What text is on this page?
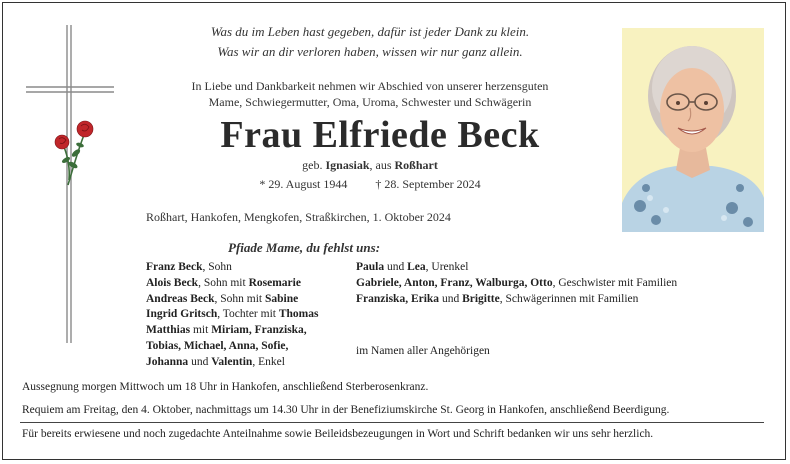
Was du im Leben hast gegeben, dafür ist jeder Dank zu klein.
Was wir an dir verloren haben, wissen wir nur ganz allein.
In Liebe und Dankbarkeit nehmen wir Abschied von unserer herzensguten
Mame, Schwiegermutter, Oma, Uroma, Schwester und Schwägerin
Frau Elfriede Beck
geb. Ignasiak, aus Roßhart
* 29. August 1944 † 28. September 2024
Roßhart, Hankofen, Mengkofen, Straßkirchen, 1. Oktober 2024
Pfiade Mame, du fehlst uns:
Franz Beck, Sohn
Alois Beck, Sohn mit Rosemarie
Andreas Beck, Sohn mit Sabine
Ingrid Gritsch, Tochter mit Thomas
Matthias mit Miriam, Franziska,
Tobias, Michael, Anna, Sofie,
Johanna und Valentin, Enkel
Paula und Lea, Urenkel
Gabriele, Anton, Franz, Walburga, Otto, Geschwister mit Familien
Franziska, Erika und Brigitte, Schwägerinnen mit Familien
im Namen aller Angehörigen
Aussegnung morgen Mittwoch um 18 Uhr in Hankofen, anschließend Sterberosenkranz.
Requiem am Freitag, den 4. Oktober, nachmittags um 14.30 Uhr in der Benefiziumskirche St. Georg in Hankofen, anschließend Beerdigung.
Für bereits erwiesene und noch zugedachte Anteilnahme sowie Beileidsbezeugungen in Wort und Schrift bedanken wir uns sehr herzlich.
